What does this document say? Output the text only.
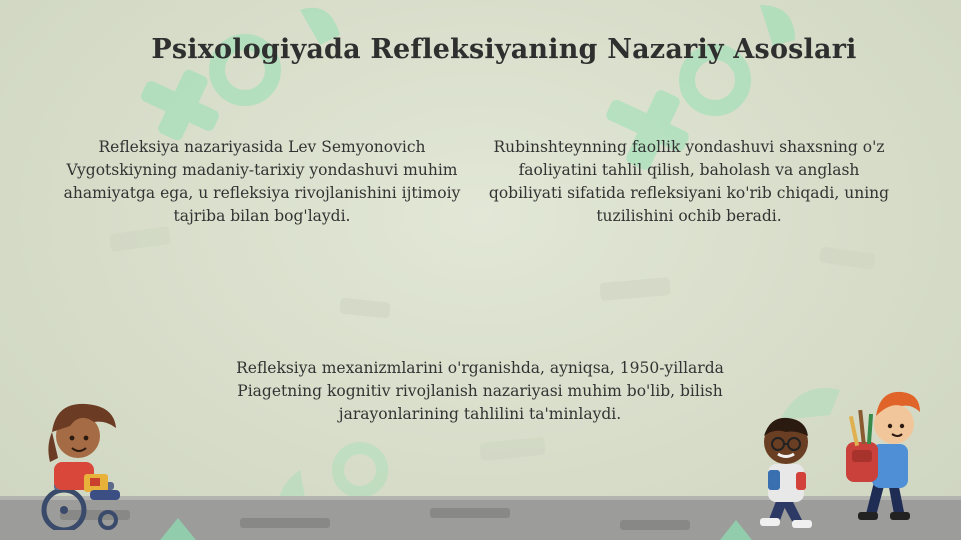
Psixologiyada Refleksiyaning Nazariy Asoslari
Refleksiya nazariyasida Lev Semyonovich Vygotskiyning madaniy-tarixiy yondashuvi muhim ahamiyatga ega, u refleksiya rivojlanishini ijtimoiy tajriba bilan bog'laydi.
Rubinshteynning faollik yondashuvi shaxsning o'z faoliyatini tahlil qilish, baholash va anglash qobiliyati sifatida refleksiyani ko'rib chiqadi, uning tuzilishini ochib beradi.
Refleksiya mexanizmlarini o'rganishda, ayniqsa, 1950-yillarda Piagetning kognitiv rivojlanish nazariyasi muhim bo'lib, bilish jarayonlarining tahlilini ta'minlaydi.
